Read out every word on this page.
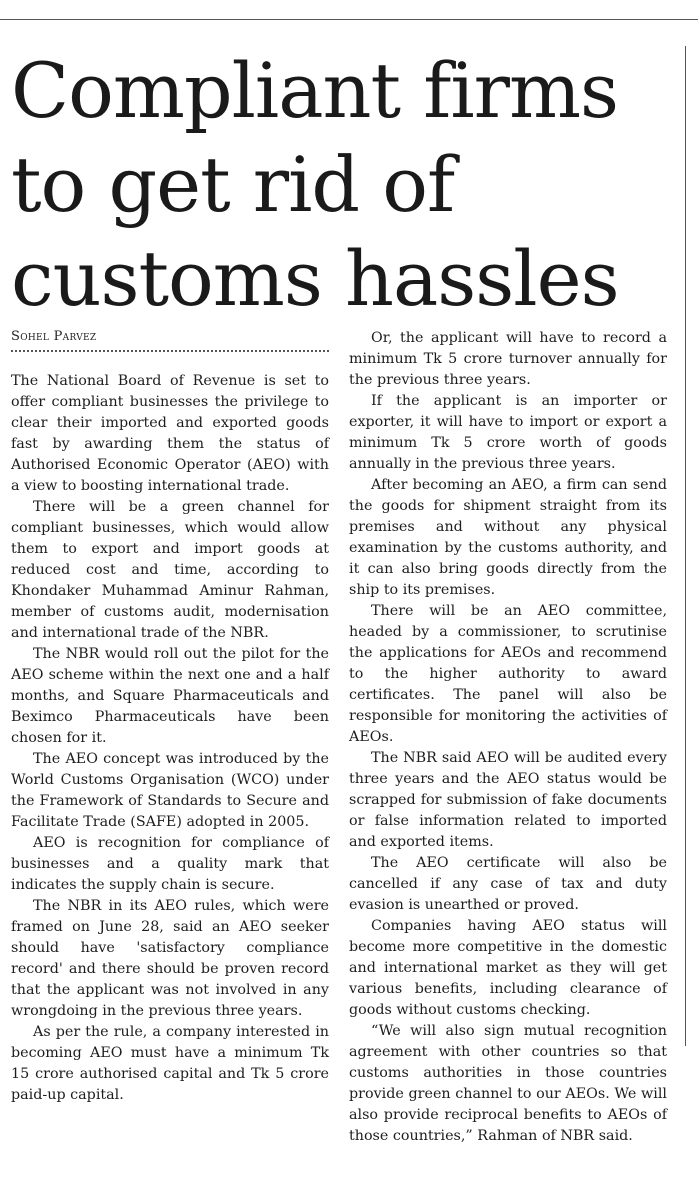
Compliant firms to get rid of customs hassles
Sohel Parvez

The National Board of Revenue is set to offer compliant businesses the privilege to clear their imported and exported goods fast by awarding them the status of Authorised Economic Operator (AEO) with a view to boosting international trade.

There will be a green channel for compliant businesses, which would allow them to export and import goods at reduced cost and time, according to Khondaker Muhammad Aminur Rahman, member of customs audit, modernisation and international trade of the NBR.

The NBR would roll out the pilot for the AEO scheme within the next one and a half months, and Square Pharmaceuticals and Beximco Pharmaceuticals have been chosen for it.

The AEO concept was introduced by the World Customs Organisation (WCO) under the Framework of Standards to Secure and Facilitate Trade (SAFE) adopted in 2005.

AEO is recognition for compliance of businesses and a quality mark that indicates the supply chain is secure.

The NBR in its AEO rules, which were framed on June 28, said an AEO seeker should have 'satisfactory compliance record' and there should be proven record that the applicant was not involved in any wrongdoing in the previous three years.

As per the rule, a company interested in becoming AEO must have a minimum Tk 15 crore authorised capital and Tk 5 crore paid-up capital.

Or, the applicant will have to record a minimum Tk 5 crore turnover annually for the previous three years.

If the applicant is an importer or exporter, it will have to import or export a minimum Tk 5 crore worth of goods annually in the previous three years.

After becoming an AEO, a firm can send the goods for shipment straight from its premises and without any physical examination by the customs authority, and it can also bring goods directly from the ship to its premises.

There will be an AEO committee, headed by a commissioner, to scrutinise the applications for AEOs and recommend to the higher authority to award certificates. The panel will also be responsible for monitoring the activities of AEOs.

The NBR said AEO will be audited every three years and the AEO status would be scrapped for submission of fake documents or false information related to imported and exported items.

The AEO certificate will also be cancelled if any case of tax and duty evasion is unearthed or proved.

Companies having AEO status will become more competitive in the domestic and international market as they will get various benefits, including clearance of goods without customs checking.

“We will also sign mutual recognition agreement with other countries so that customs authorities in those countries provide green channel to our AEOs. We will also provide reciprocal benefits to AEOs of those countries,” Rahman of NBR said.
